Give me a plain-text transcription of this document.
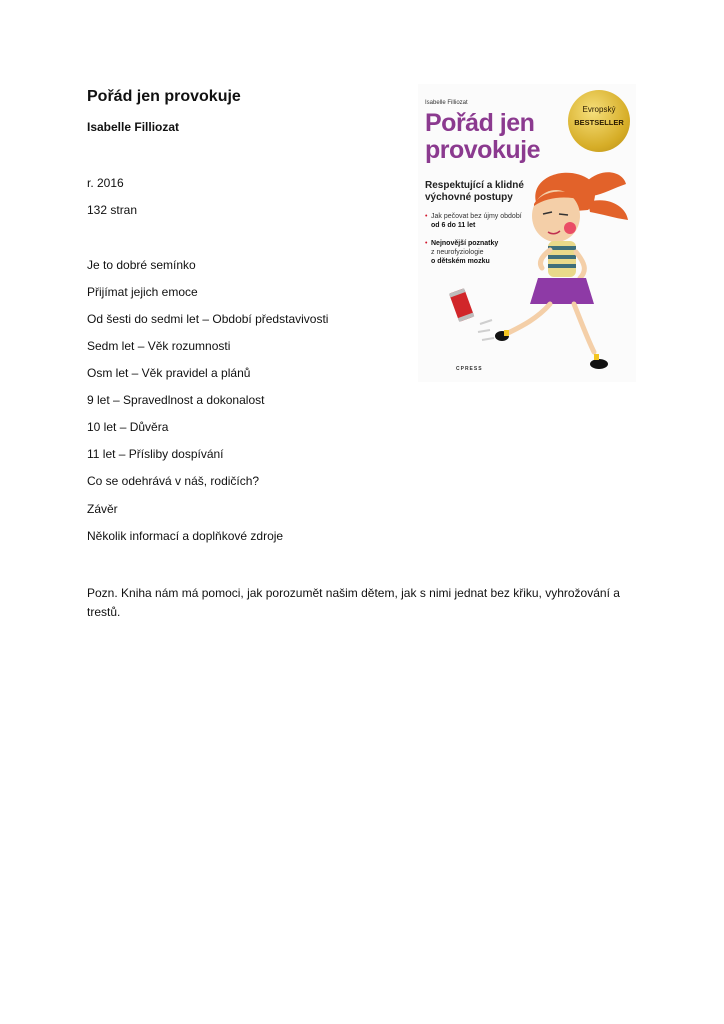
Pořád jen provokuje
Isabelle Filliozat
r. 2016
132 stran
Je to dobré semínko
Přijímat jejich emoce
Od šesti do sedmi let – Období představivosti
Sedm let – Věk rozumnosti
Osm let – Věk pravidel a plánů
9 let – Spravedlnost a dokonalost
10 let – Důvěra
11 let – Přísliby dospívání
Co se odehrává v náš, rodičích?
Závěr
Několik informací a doplňkové zdroje
Pozn. Kniha nám má pomoci, jak porozumět našim dětem, jak s nimi jednat bez křiku, vyhrožování a trestů.
Isabelle Filliozat
Pořád jen
provokuje
Respektující a klidné
výchovné postupy
• Jak pečovat bez újmy období od 6 do 11 let
• Nejnovější poznatky
z neurofyziologie
o dětském mozku
Evropský
BESTSELLER
CPRESS
